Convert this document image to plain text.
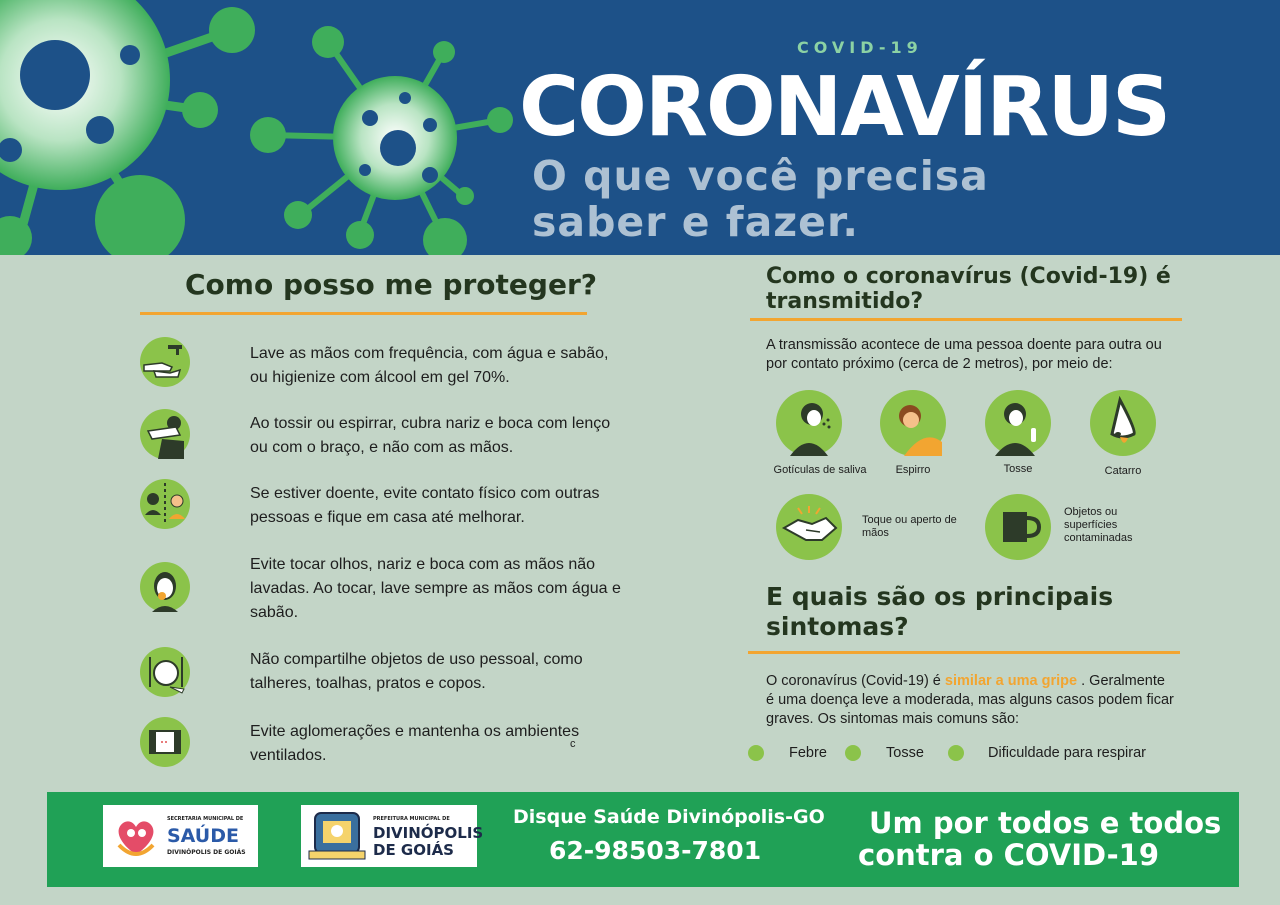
COVID-19
CORONAVÍRUS
O que você precisa
saber e fazer.
Como posso me proteger?
Lave as mãos com frequência, com água e sabão, ou higienize com álcool em gel 70%.
Ao tossir ou espirrar, cubra nariz e boca com lenço ou com o braço, e não com as mãos.
Se estiver doente, evite contato físico com outras pessoas e fique em casa até melhorar.
Evite tocar olhos, nariz e boca com as mãos não lavadas. Ao tocar, lave sempre as mãos com água e sabão.
Não compartilhe objetos de uso pessoal, como talheres, toalhas, pratos e copos.
Evite aglomerações e mantenha os ambientes ventilados.
c
Como o coronavírus (Covid-19) é transmitido?
A transmissão acontece de uma pessoa doente para outra ou por contato próximo (cerca de 2 metros), por meio de:
Gotículas de saliva	Espirro	Tosse	Catarro
Toque ou aperto de mãos
Objetos ou superfícies contaminadas
E quais são os principais sintomas?
O coronavírus (Covid-19) é similar a uma gripe . Geralmente é uma doença leve a moderada, mas alguns casos podem ficar graves. Os sintomas mais comuns são:
Febre	Tosse	Dificuldade para respirar
SECRETARIA MUNICIPAL DE
SAÚDE
DIVINÓPOLIS DE GOIÁS
PREFEITURA MUNICIPAL DE
DIVINÓPOLIS
DE GOIÁS
Disque Saúde Divinópolis-GO
62-98503-7801
Um por todos e todos
contra o COVID-19
